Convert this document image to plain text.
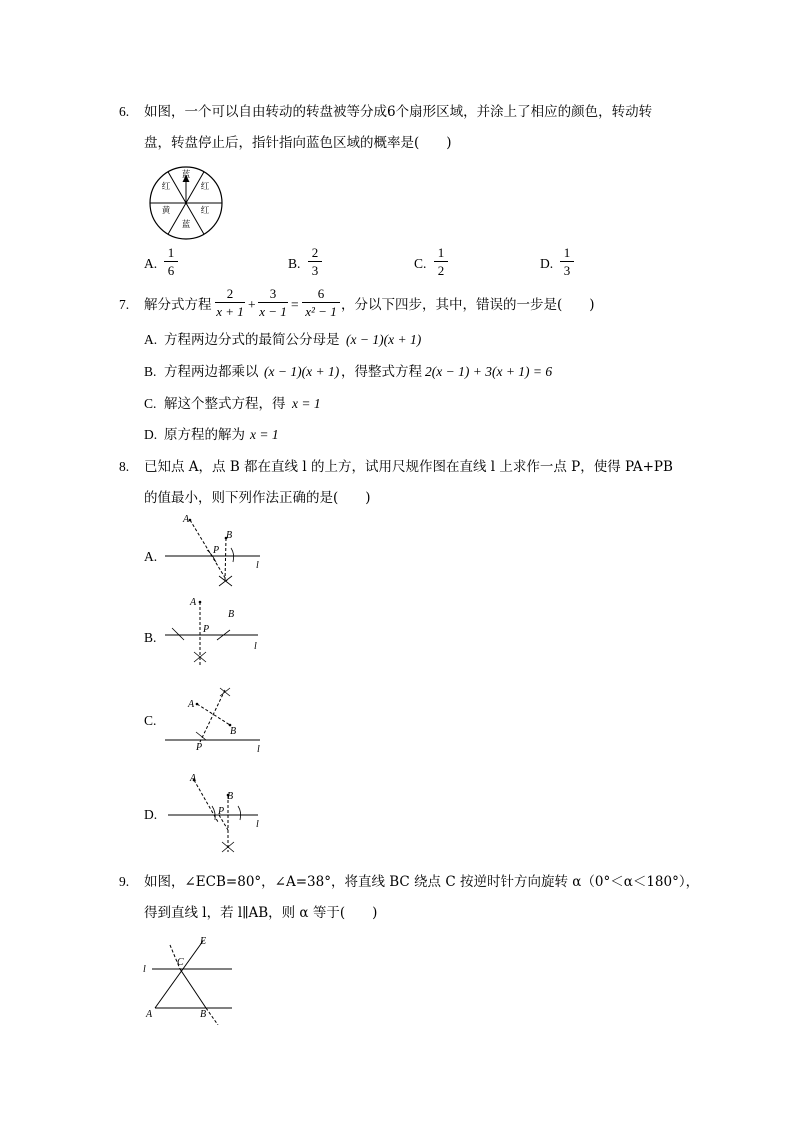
6. 如图，一个可以自由转动的转盘被等分成6个扇形区域，并涂上了相应的颜色，转动转
盘，转盘停止后，指针指向蓝色区域的概率是(　　)
蓝
红
红
蓝
黄
红
A.
1
6	B.
2
3	C.
1
2	D.
1
3
7. 解分式方程
2
x + 1 +
3
x − 1 =
6
x² − 1 ，分以下四步，其中，错误的一步是(　　)
A. 方程两边分式的最简公分母是 (x − 1)(x + 1)
B. 方程两边都乘以 (x − 1)(x + 1) ，得整式方程 2(x − 1) + 3(x + 1) = 6
C. 解这个整式方程，得 x = 1
D. 原方程的解为 x = 1
8. 已知点 A，点 B 都在直线 l 的上方，试用尺规作图在直线 l 上求作一点 P，使得 PA+PB
的值最小，则下列作法正确的是(　　)
A.
A
B
P
l
B.
A
B
P
l
C.
A
B
P	l
D.
A
B
P
l
9. 如图，∠ECB=80°，∠A=38°，将直线 BC 绕点 C 按逆时针方向旋转 α（0°＜α＜180°），
得到直线 l，若 l∥AB，则 α 等于(　　)
E
C
l
A	B
